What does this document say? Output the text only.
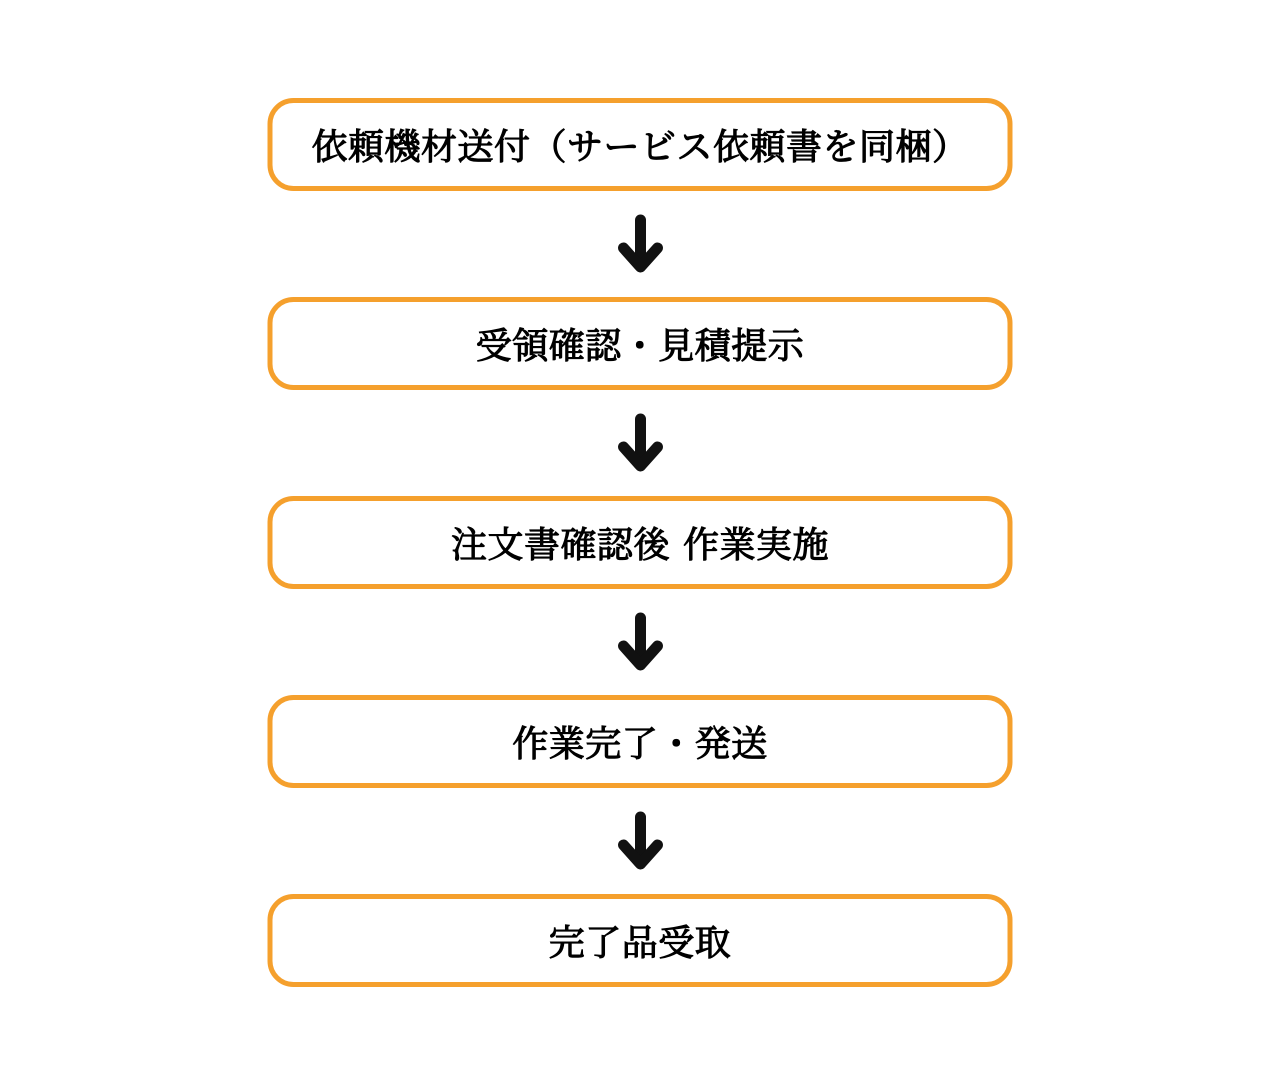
依頼機材送付（サービス依頼書を同梱）
受領確認・見積提示
注文書確認後 作業実施
作業完了・発送
完了品受取
